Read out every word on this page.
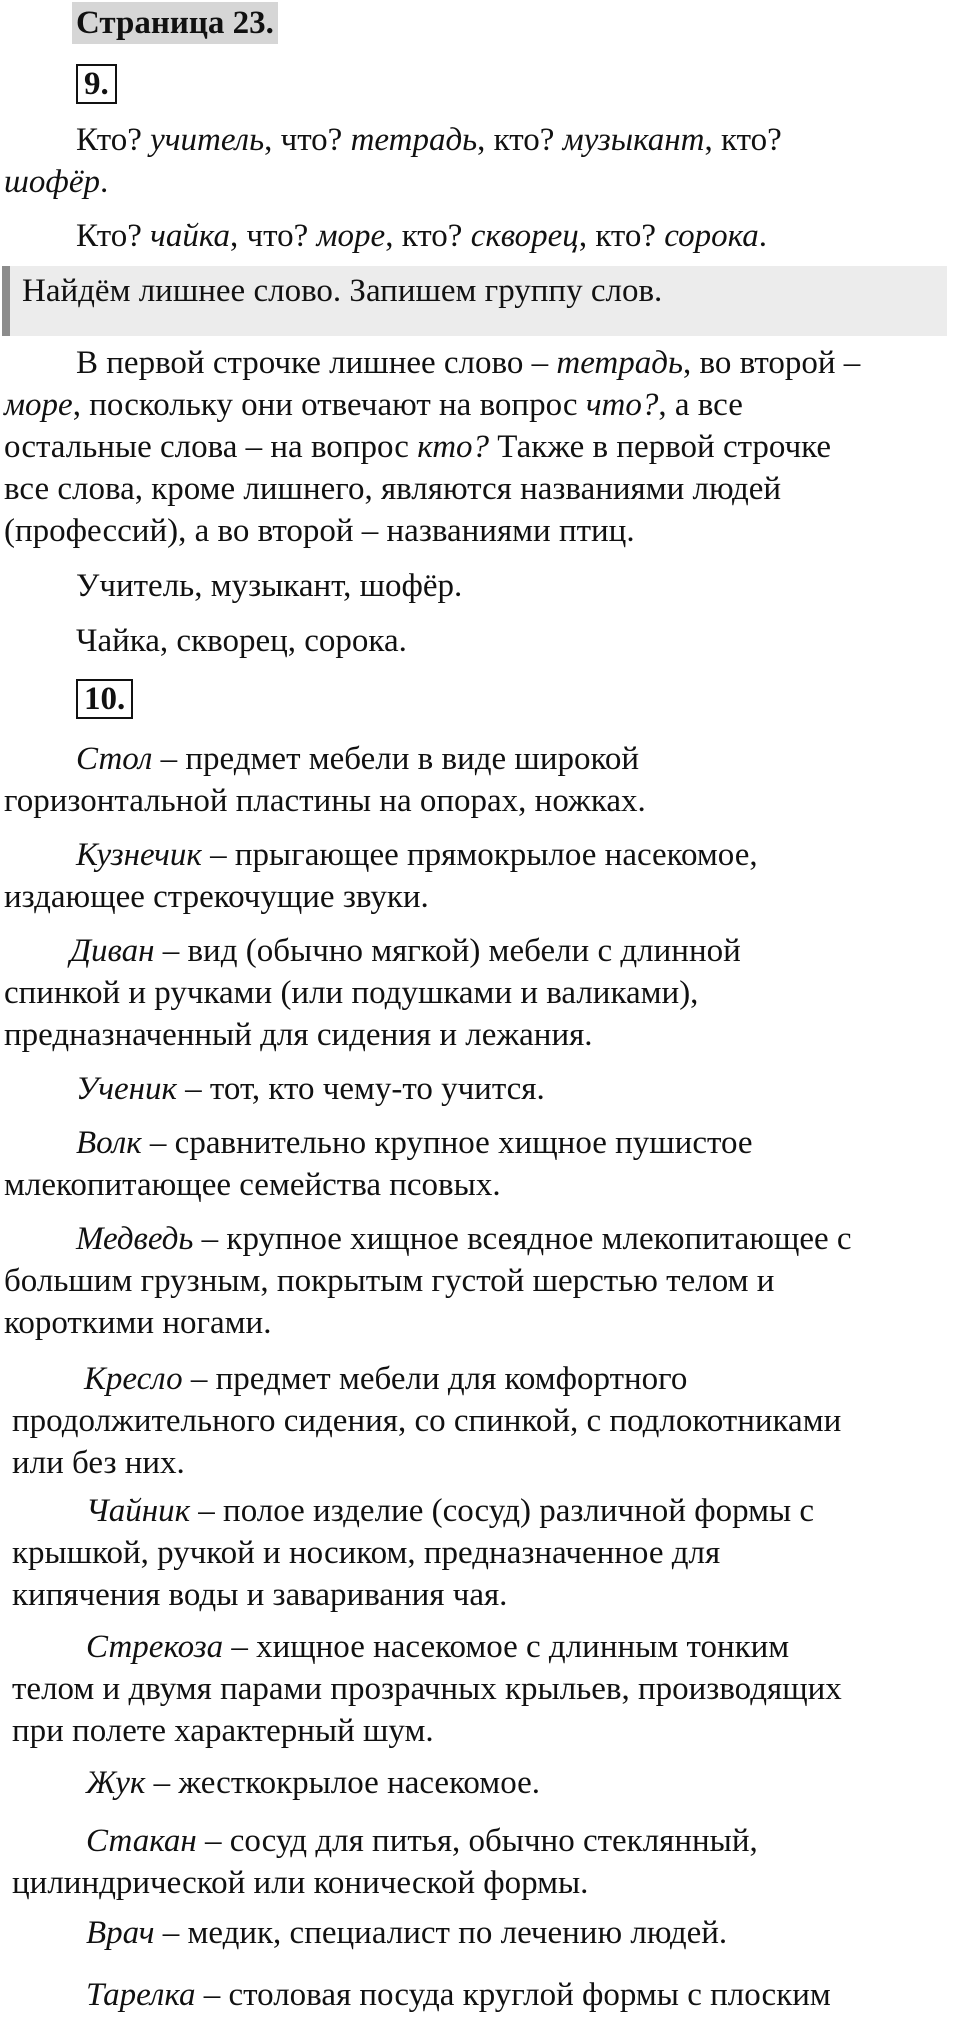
Страница 23.
9.
Кто? учитель, что? тетрадь, кто? музыкант, кто?
шофёр.
Кто? чайка, что? море, кто? скворец, кто? сорока.
Найдём лишнее слово. Запишем группу слов.
В первой строчке лишнее слово – тетрадь, во второй –
море, поскольку они отвечают на вопрос что?, а все
остальные слова – на вопрос кто? Также в первой строчке
все слова, кроме лишнего, являются названиями людей
(профессий), а во второй – названиями птиц.
Учитель, музыкант, шофёр.
Чайка, скворец, сорока.
10.
Стол – предмет мебели в виде широкой
горизонтальной пластины на опорах, ножках.
Кузнечик – прыгающее прямокрылое насекомое,
издающее стрекочущие звуки.
Диван – вид (обычно мягкой) мебели с длинной
спинкой и ручками (или подушками и валиками),
предназначенный для сидения и лежания.
Ученик – тот, кто чему-то учится.
Волк – сравнительно крупное хищное пушистое
млекопитающее семейства псовых.
Медведь – крупное хищное всеядное млекопитающее с
большим грузным, покрытым густой шерстью телом и
короткими ногами.
Кресло – предмет мебели для комфортного
продолжительного сидения, со спинкой, с подлокотниками
или без них.
Чайник – полое изделие (сосуд) различной формы с
крышкой, ручкой и носиком, предназначенное для
кипячения воды и заваривания чая.
Стрекоза – хищное насекомое с длинным тонким
телом и двумя парами прозрачных крыльев, производящих
при полете характерный шум.
Жук – жесткокрылое насекомое.
Стакан – сосуд для питья, обычно стеклянный,
цилиндрической или конической формы.
Врач – медик, специалист по лечению людей.
Тарелка – столовая посуда круглой формы с плоским
